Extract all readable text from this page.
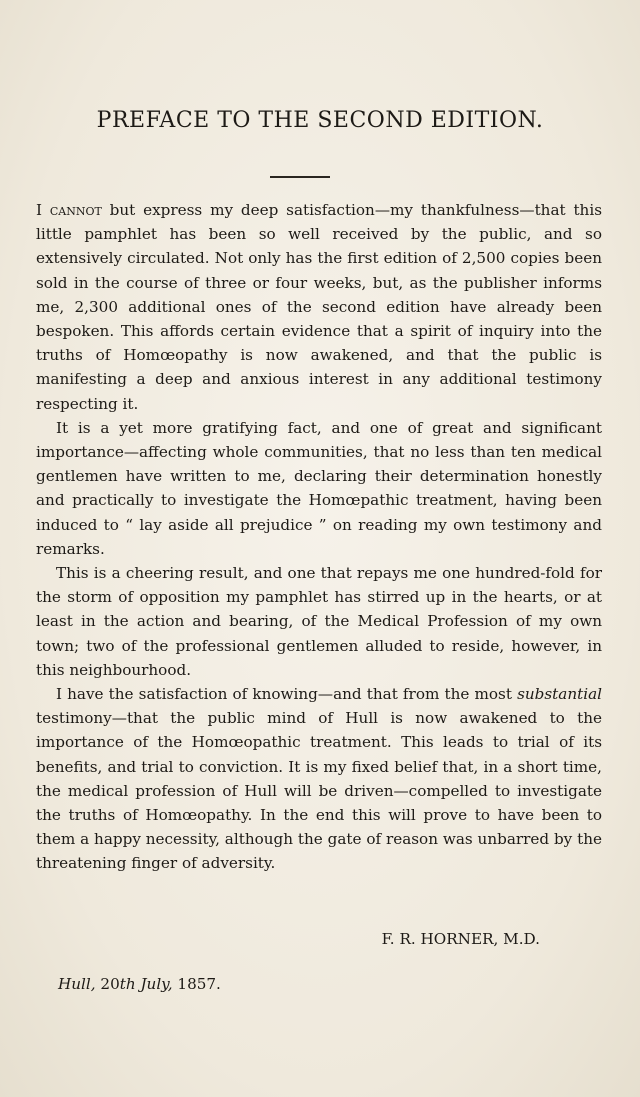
PREFACE TO THE SECOND EDITION.

I cannot but express my deep satisfaction—my thankfulness—that this little pamphlet has been so well received by the public, and so extensively circulated. Not only has the first edition of 2,500 copies been sold in the course of three or four weeks, but, as the publisher informs me, 2,300 additional ones of the second edition have already been bespoken. This affords certain evidence that a spirit of inquiry into the truths of Homœopathy is now awakened, and that the public is manifesting a deep and anxious interest in any additional testimony respecting it.

It is a yet more gratifying fact, and one of great and significant importance—affecting whole communities, that no less than ten medical gentlemen have written to me, declaring their determination honestly and practically to investigate the Homœpathic treatment, having been induced to “ lay aside all prejudice ” on reading my own testimony and remarks.

This is a cheering result, and one that repays me one hundred-fold for the storm of opposition my pamphlet has stirred up in the hearts, or at least in the action and bearing, of the Medical Profession of my own town; two of the professional gentlemen alluded to reside, however, in this neighbourhood.

I have the satisfaction of knowing—and that from the most substantial testimony—that the public mind of Hull is now awakened to the importance of the Homœopathic treatment. This leads to trial of its benefits, and trial to conviction. It is my fixed belief that, in a short time, the medical profession of Hull will be driven—compelled to investigate the truths of Homœopathy. In the end this will prove to have been to them a happy necessity, although the gate of reason was unbarred by the threatening finger of adversity.

F. R. HORNER, M.D.
Hull, 20th July, 1857.
